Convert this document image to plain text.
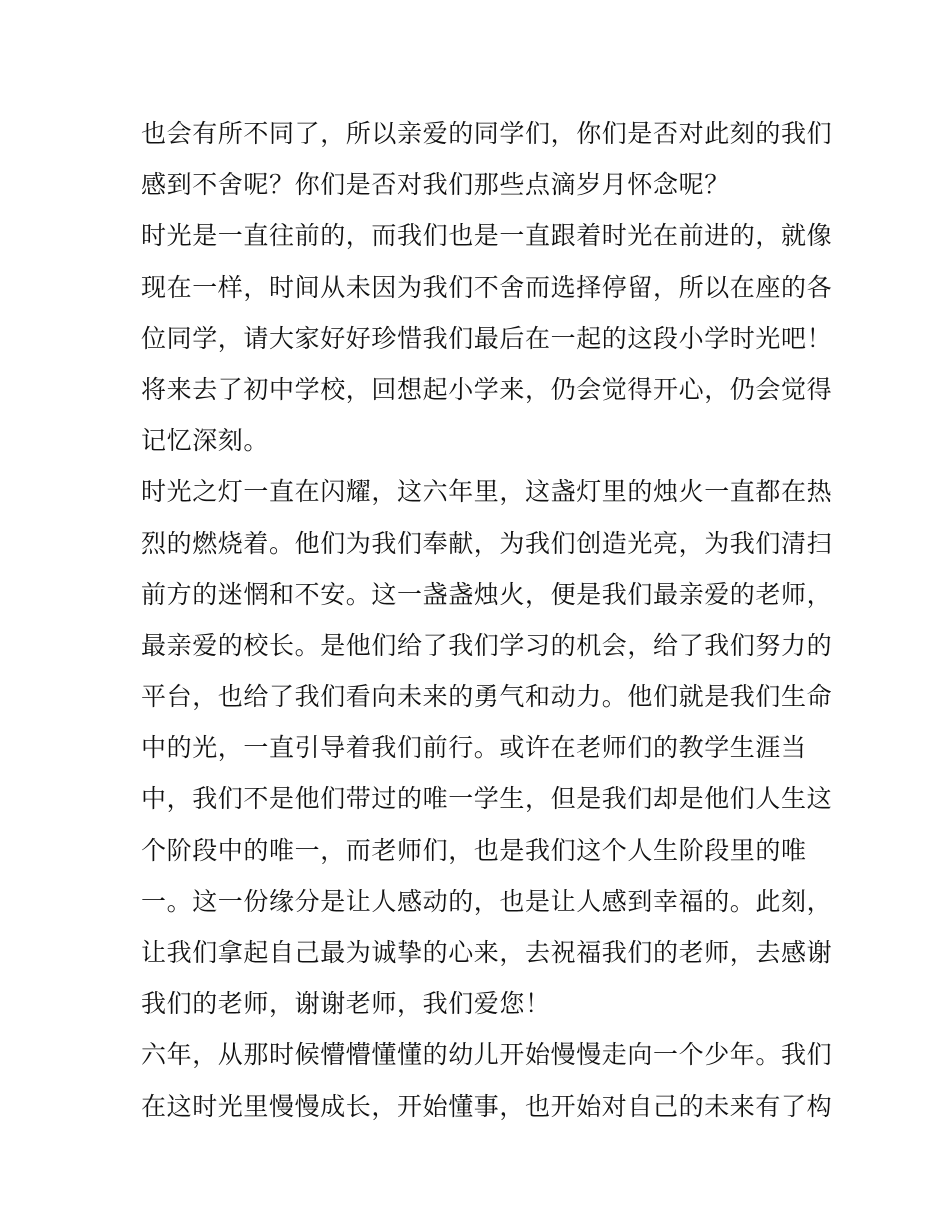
也会有所不同了，所以亲爱的同学们，你们是否对此刻的我们
感到不舍呢？你们是否对我们那些点滴岁月怀念呢？
时光是一直往前的，而我们也是一直跟着时光在前进的，就像
现在一样，时间从未因为我们不舍而选择停留，所以在座的各
位同学，请大家好好珍惜我们最后在一起的这段小学时光吧！
将来去了初中学校，回想起小学来，仍会觉得开心，仍会觉得
记忆深刻。
时光之灯一直在闪耀，这六年里，这盏灯里的烛火一直都在热
烈的燃烧着。他们为我们奉献，为我们创造光亮，为我们清扫
前方的迷惘和不安。这一盏盏烛火，便是我们最亲爱的老师，
最亲爱的校长。是他们给了我们学习的机会，给了我们努力的
平台，也给了我们看向未来的勇气和动力。他们就是我们生命
中的光，一直引导着我们前行。或许在老师们的教学生涯当
中，我们不是他们带过的唯一学生，但是我们却是他们人生这
个阶段中的唯一，而老师们，也是我们这个人生阶段里的唯
一。这一份缘分是让人感动的，也是让人感到幸福的。此刻，
让我们拿起自己最为诚挚的心来，去祝福我们的老师，去感谢
我们的老师，谢谢老师，我们爱您！
六年，从那时候懵懵懂懂的幼儿开始慢慢走向一个少年。我们
在这时光里慢慢成长，开始懂事，也开始对自己的未来有了构
